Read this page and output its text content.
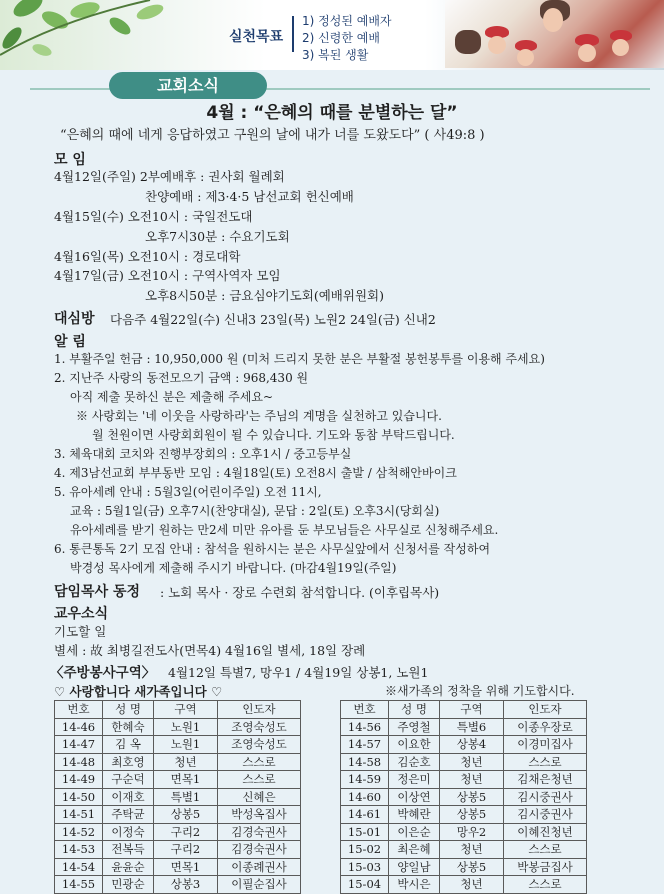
실천목표
1) 정성된 예배자
2) 신령한 예배
3) 복된 생활
교회소식
4월 : “은혜의 때를 분별하는 달”
“은혜의 때에 네게 응답하였고 구원의 날에 내가 너를 도왔도다” ( 사49:8 )
모 임
4월12일(주일) 2부예배후 : 권사회 월례회
찬양예배 : 제3·4·5 남선교회 헌신예배
4월15일(수) 오전10시 : 국일전도대
오후7시30분 : 수요기도회
4월16일(목) 오전10시 : 경로대학
4월17일(금) 오전10시 : 구역사역자 모임
오후8시50분 : 금요심야기도회(예배위원회)
대심방 다음주 4월22일(수) 신내3 23일(목) 노원2 24일(금) 신내2
알 림
1. 부활주일 헌금 : 10,950,000 원 (미처 드리지 못한 분은 부활절 봉헌봉투를 이용해 주세요)
2. 지난주 사랑의 동전모으기 금액 : 968,430 원
아직 제출 못하신 분은 제출해 주세요~
※ 사랑회는 '네 이웃을 사랑하라'는 주님의 계명을 실천하고 있습니다.
월 천원이면 사랑회회원이 될 수 있습니다. 기도와 동참 부탁드립니다.
3. 체육대회 코치와 진행부장회의 : 오후1시 / 중고등부실
4. 제3남선교회 부부동반 모임 : 4월18일(토) 오전8시 출발 / 삼척해안바이크
5. 유아세례 안내 : 5월3일(어린이주일) 오전 11시,
교육 : 5월1일(금) 오후7시(찬양대실), 문답 : 2일(토) 오후3시(당회실)
유아세례를 받기 원하는 만2세 미만 유아를 둔 부모님들은 사무실로 신청해주세요.
6. 통큰통독 2기 모집 안내 : 참석을 원하시는 분은 사무실앞에서 신청서를 작성하여
박경성 목사에게 제출해 주시기 바랍니다. (마감4월19일(주일)
담임목사 동정 : 노회 목사 · 장로 수련회 참석합니다. (이후립목사)
교우소식
기도할 일
별세 : 故 최병길전도사(면목4) 4월16일 별세, 18일 장례
〈주방봉사구역〉 4월12일 특별7, 망우1 / 4월19일 상봉1, 노원1
♡ 사랑합니다 새가족입니다 ♡	※새가족의 정착을 위해 기도합시다.
번호	성 명	구역	인도자
14-46	한혜숙	노원1	조영숙성도
14-47	김 옥	노원1	조영숙성도
14-48	최호영	청년	스스로
14-49	구순덕	면목1	스스로
14-50	이재호	특별1	신혜은
14-51	주탁균	상봉5	박성옥집사
14-52	이정숙	구리2	김경숙권사
14-53	전복득	구리2	김경숙권사
14-54	윤윤순	면목1	이종례권사
14-55	민광순	상봉3	이필순집사
번호	성 명	구역	인도자
14-56	주영철	특별6	이종우장로
14-57	이요한	상봉4	이경미집사
14-58	김순호	청년	스스로
14-59	정은미	청년	김채은청년
14-60	이상연	상봉5	김시중권사
14-61	박혜란	상봉5	김시중권사
15-01	이은순	망우2	이혜진청년
15-02	최은혜	청년	스스로
15-03	양일남	상봉5	박봉금집사
15-04	박시은	청년	스스로
